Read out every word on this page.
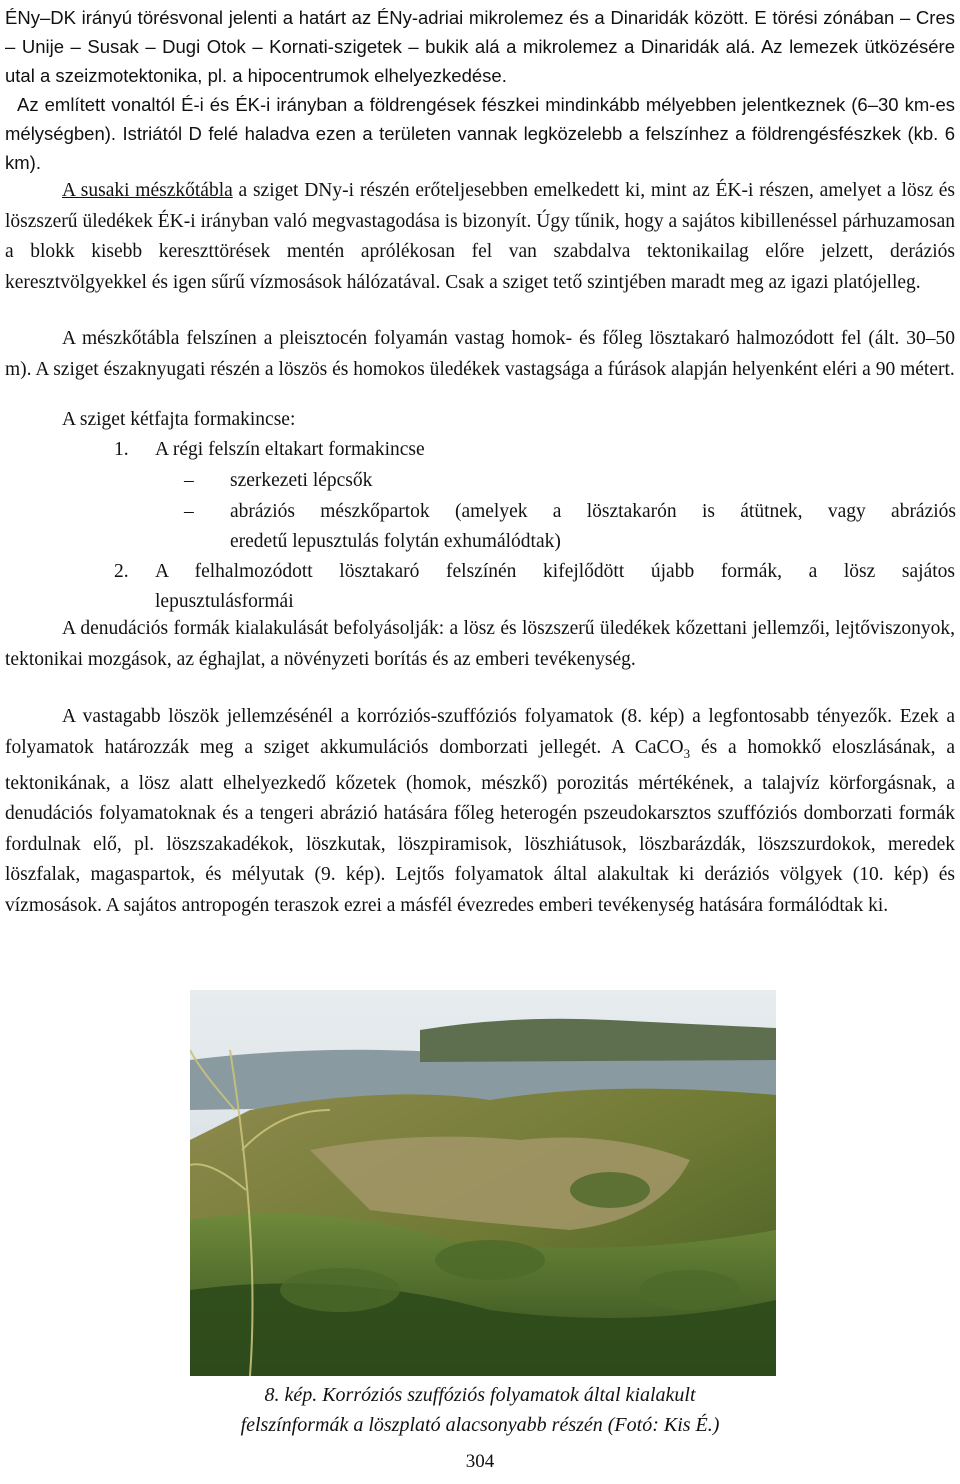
ÉNy–DK irányú törésvonal jelenti a határt az ÉNy-adriai mikrolemez és a Dinaridák között. E törési zónában – Cres – Unije – Susak – Dugi Otok – Kornati-szigetek – bukik alá a mikrolemez a Dinaridák alá. Az lemezek ütközésére utal a szeizmotektonika, pl. a hipocentrumok elhelyezkedése.

Az említett vonaltól É-i és ÉK-i irányban a földrengések fészkei mindinkább mélyebben jelentkeznek (6–30 km-es mélységben). Istriától D felé haladva ezen a területen vannak legközelebb a felszínhez a földrengésfészkek (kb. 6 km).

A susaki mészkőtábla a sziget DNy-i részén erőteljesebben emelkedett ki, mint az ÉK-i részen, amelyet a lösz és löszszerű üledékek ÉK-i irányban való megvastagodása is bizonyít. Úgy tűnik, hogy a sajátos kibillenéssel párhuzamosan a blokk kisebb kereszttörések mentén aprólékosan fel van szabdalva tektonikailag előre jelzett, deráziós keresztvölgyekkel és igen sűrű vízmosások hálózatával. Csak a sziget tető szintjében maradt meg az igazi platójelleg.

A mészkőtábla felszínen a pleisztocén folyamán vastag homok- és főleg lösztakaró halmozódott fel (ált. 30–50 m). A sziget északnyugati részén a löszös és homokos üledékek vastagsága a fúrások alapján helyenként eléri a 90 métert.

A sziget kétfajta formakincse:

1. A régi felszín eltakart formakincse
– szerkezeti lépcsők
– abráziós mészkőpartok (amelyek a lösztakarón is átütnek, vagy abráziós
eredetű lepusztulás folytán exhumálódtak)
2. A felhalmozódott lösztakaró felszínén kifejlődött újabb formák, a lösz sajátos
lepusztulásformái

A denudációs formák kialakulását befolyásolják: a lösz és löszszerű üledékek kőzettani jellemzői, lejtőviszonyok, tektonikai mozgások, az éghajlat, a növényzeti borítás és az emberi tevékenység.

A vastagabb löszök jellemzésénél a korróziós-szuffóziós folyamatok (8. kép) a legfontosabb tényezők. Ezek a folyamatok határozzák meg a sziget akkumulációs domborzati jellegét. A CaCO$_3$ és a homokkő eloszlásának, a tektonikának, a lösz alatt elhelyezkedő kőzetek (homok, mészkő) porozitás mértékének, a talajvíz körforgásnak, a denudációs folyamatoknak és a tengeri abrázió hatására főleg heterogén pszeudokarsztos szuffóziós domborzati formák fordulnak elő, pl. löszszakadékok, löszkutak, löszpiramisok, löszhiátusok, löszbarázdák, löszszurdokok, meredek löszfalak, magaspartok, és mélyutak (9. kép). Lejtős folyamatok által alakultak ki deráziós völgyek (10. kép) és vízmosások. A sajátos antropogén teraszok ezrei a másfél évezredes emberi tevékenység hatására formálódtak ki.

8. kép. Korróziós szuffóziós folyamatok által kialakult
felszínformák a löszplató alacsonyabb részén (Fotó: Kis É.)
304
